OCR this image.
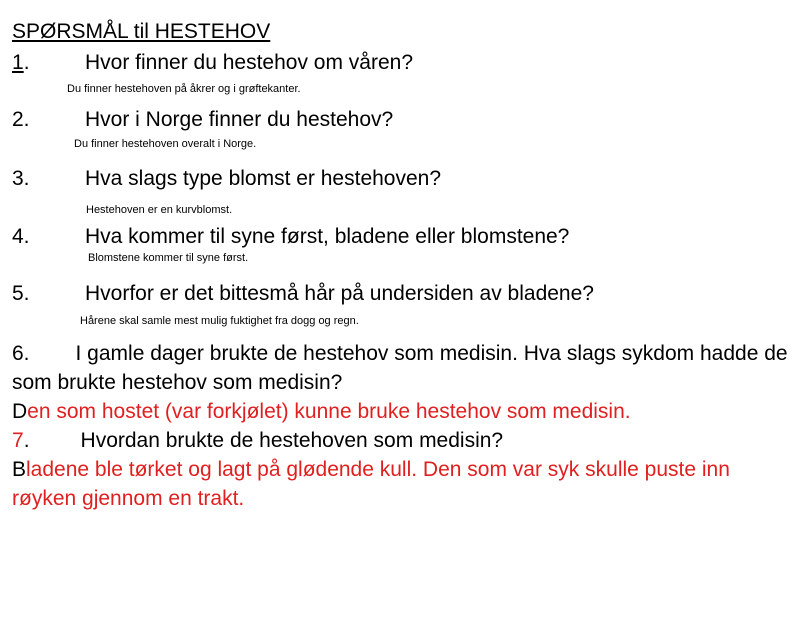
SPØRSMÅL til HESTEHOV
1.	Hvor finner du hestehov om våren?
Du finner hestehoven på åkrer og i grøftekanter.
2.	Hvor i Norge finner du hestehov?
Du finner hestehoven overalt i Norge.
3.	Hva slags type blomst er hestehoven?
Hestehoven er en kurvblomst.
4.	Hva kommer til syne først, bladene eller blomstene?
Blomstene kommer til syne først.
5.	Hvorfor er det bittesmå hår på undersiden av bladene?
Hårene skal samle mest mulig fuktighet fra dogg og regn.
6. I gamle dager brukte de hestehov som medisin. Hva slags sykdom hadde de som brukte hestehov som medisin?
Den som hostet (var forkjølet) kunne bruke hestehov som medisin.
7. Hvordan brukte de hestehoven som medisin?
Bladene ble tørket og lagt på glødende kull. Den som var syk skulle puste inn røyken gjennom en trakt.
